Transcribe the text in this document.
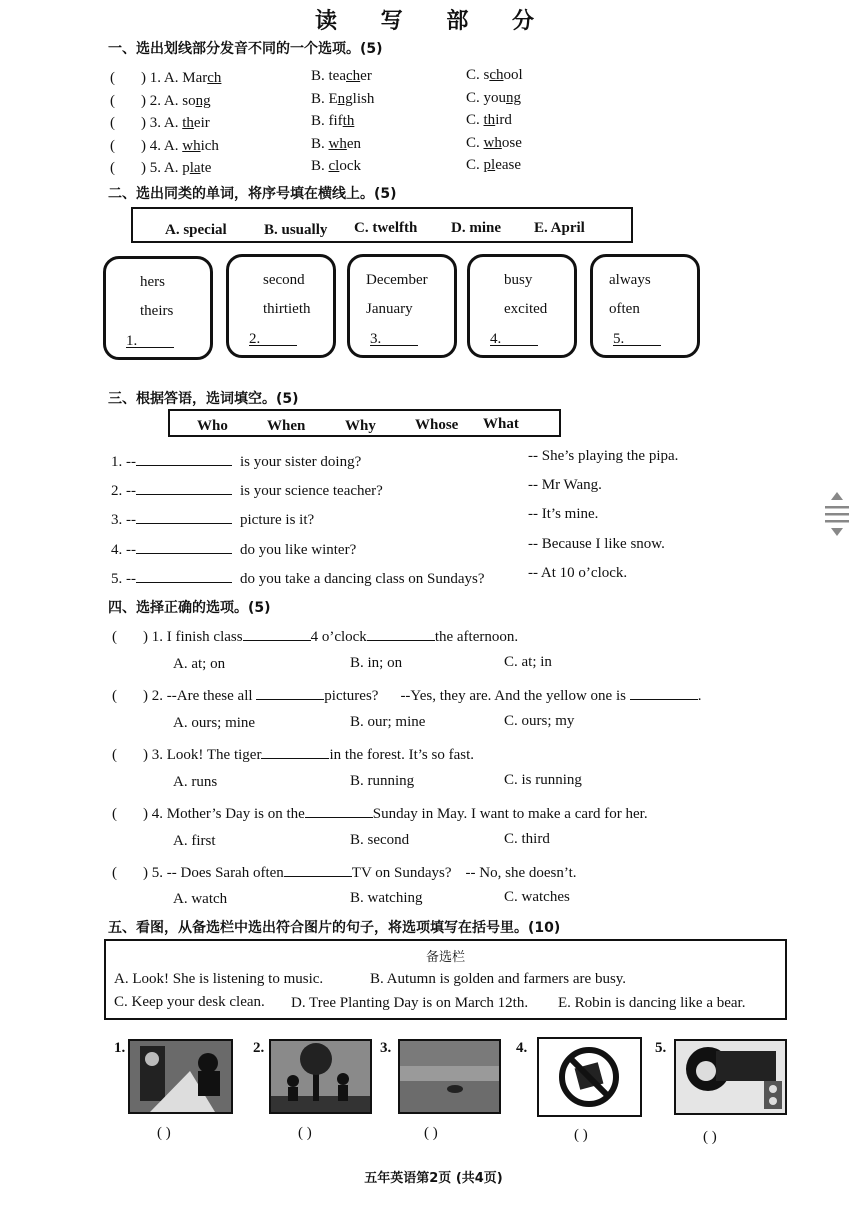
读 写 部 分
一、选出划线部分发音不同的一个选项。(5)
( ) 1. A. March	B. teacher	C. school
( ) 2. A. song	B. English	C. young
( ) 3. A. their	B. fifth	C. third
( ) 4. A. which	B. when	C. whose
( ) 5. A. plate	B. clock	C. please
二、选出同类的单词，将序号填在横线上。(5)
A. special B. usually C. twelfth D. mine E. April
hers
theirs
1.
second
thirtieth
2.
December
January
3.
busy
excited
4.
always
often
5.
三、根据答语，选词填空。(5)
Who	When	Why	Whose What
1. --	is your sister doing?	-- She’s playing the pipa.
2. --	is your science teacher?	-- Mr Wang.
3. --	picture is it?	-- It’s mine.
4. --	do you like winter?	-- Because I like snow.
5. --	do you take a dancing class on Sundays?	-- At 10 o’clock.
四、选择正确的选项。(5)
( ) 1. I finish class	4 o’clock	the afternoon.
A. at; on	B. in; on	C. at; in
( ) 2. --Are these all	pictures? --Yes, they are. And the yellow one is	.
A. ours; mine	B. our; mine	C. ours; my
( ) 3. Look! The tiger	in the forest. It’s so fast.
A. runs	B. running	C. is running
( ) 4. Mother’s Day is on the	Sunday in May. I want to make a card for her.
A. first	B. second	C. third
( ) 5. -- Does Sarah often	TV on Sundays? -- No, she doesn’t.
A. watch	B. watching	C. watches
五、看图，从备选栏中选出符合图片的句子，将选项填写在括号里。(10)
备选栏
A. Look! She is listening to music.	B. Autumn is golden and farmers are busy.
C. Keep your desk clean. D. Tree Planting Day is on March 12th. E. Robin is dancing like a bear.
1.	2.	3.	4.	5.
( )	( )	( )	( )	( )
五年英语第2页 (共4页)
